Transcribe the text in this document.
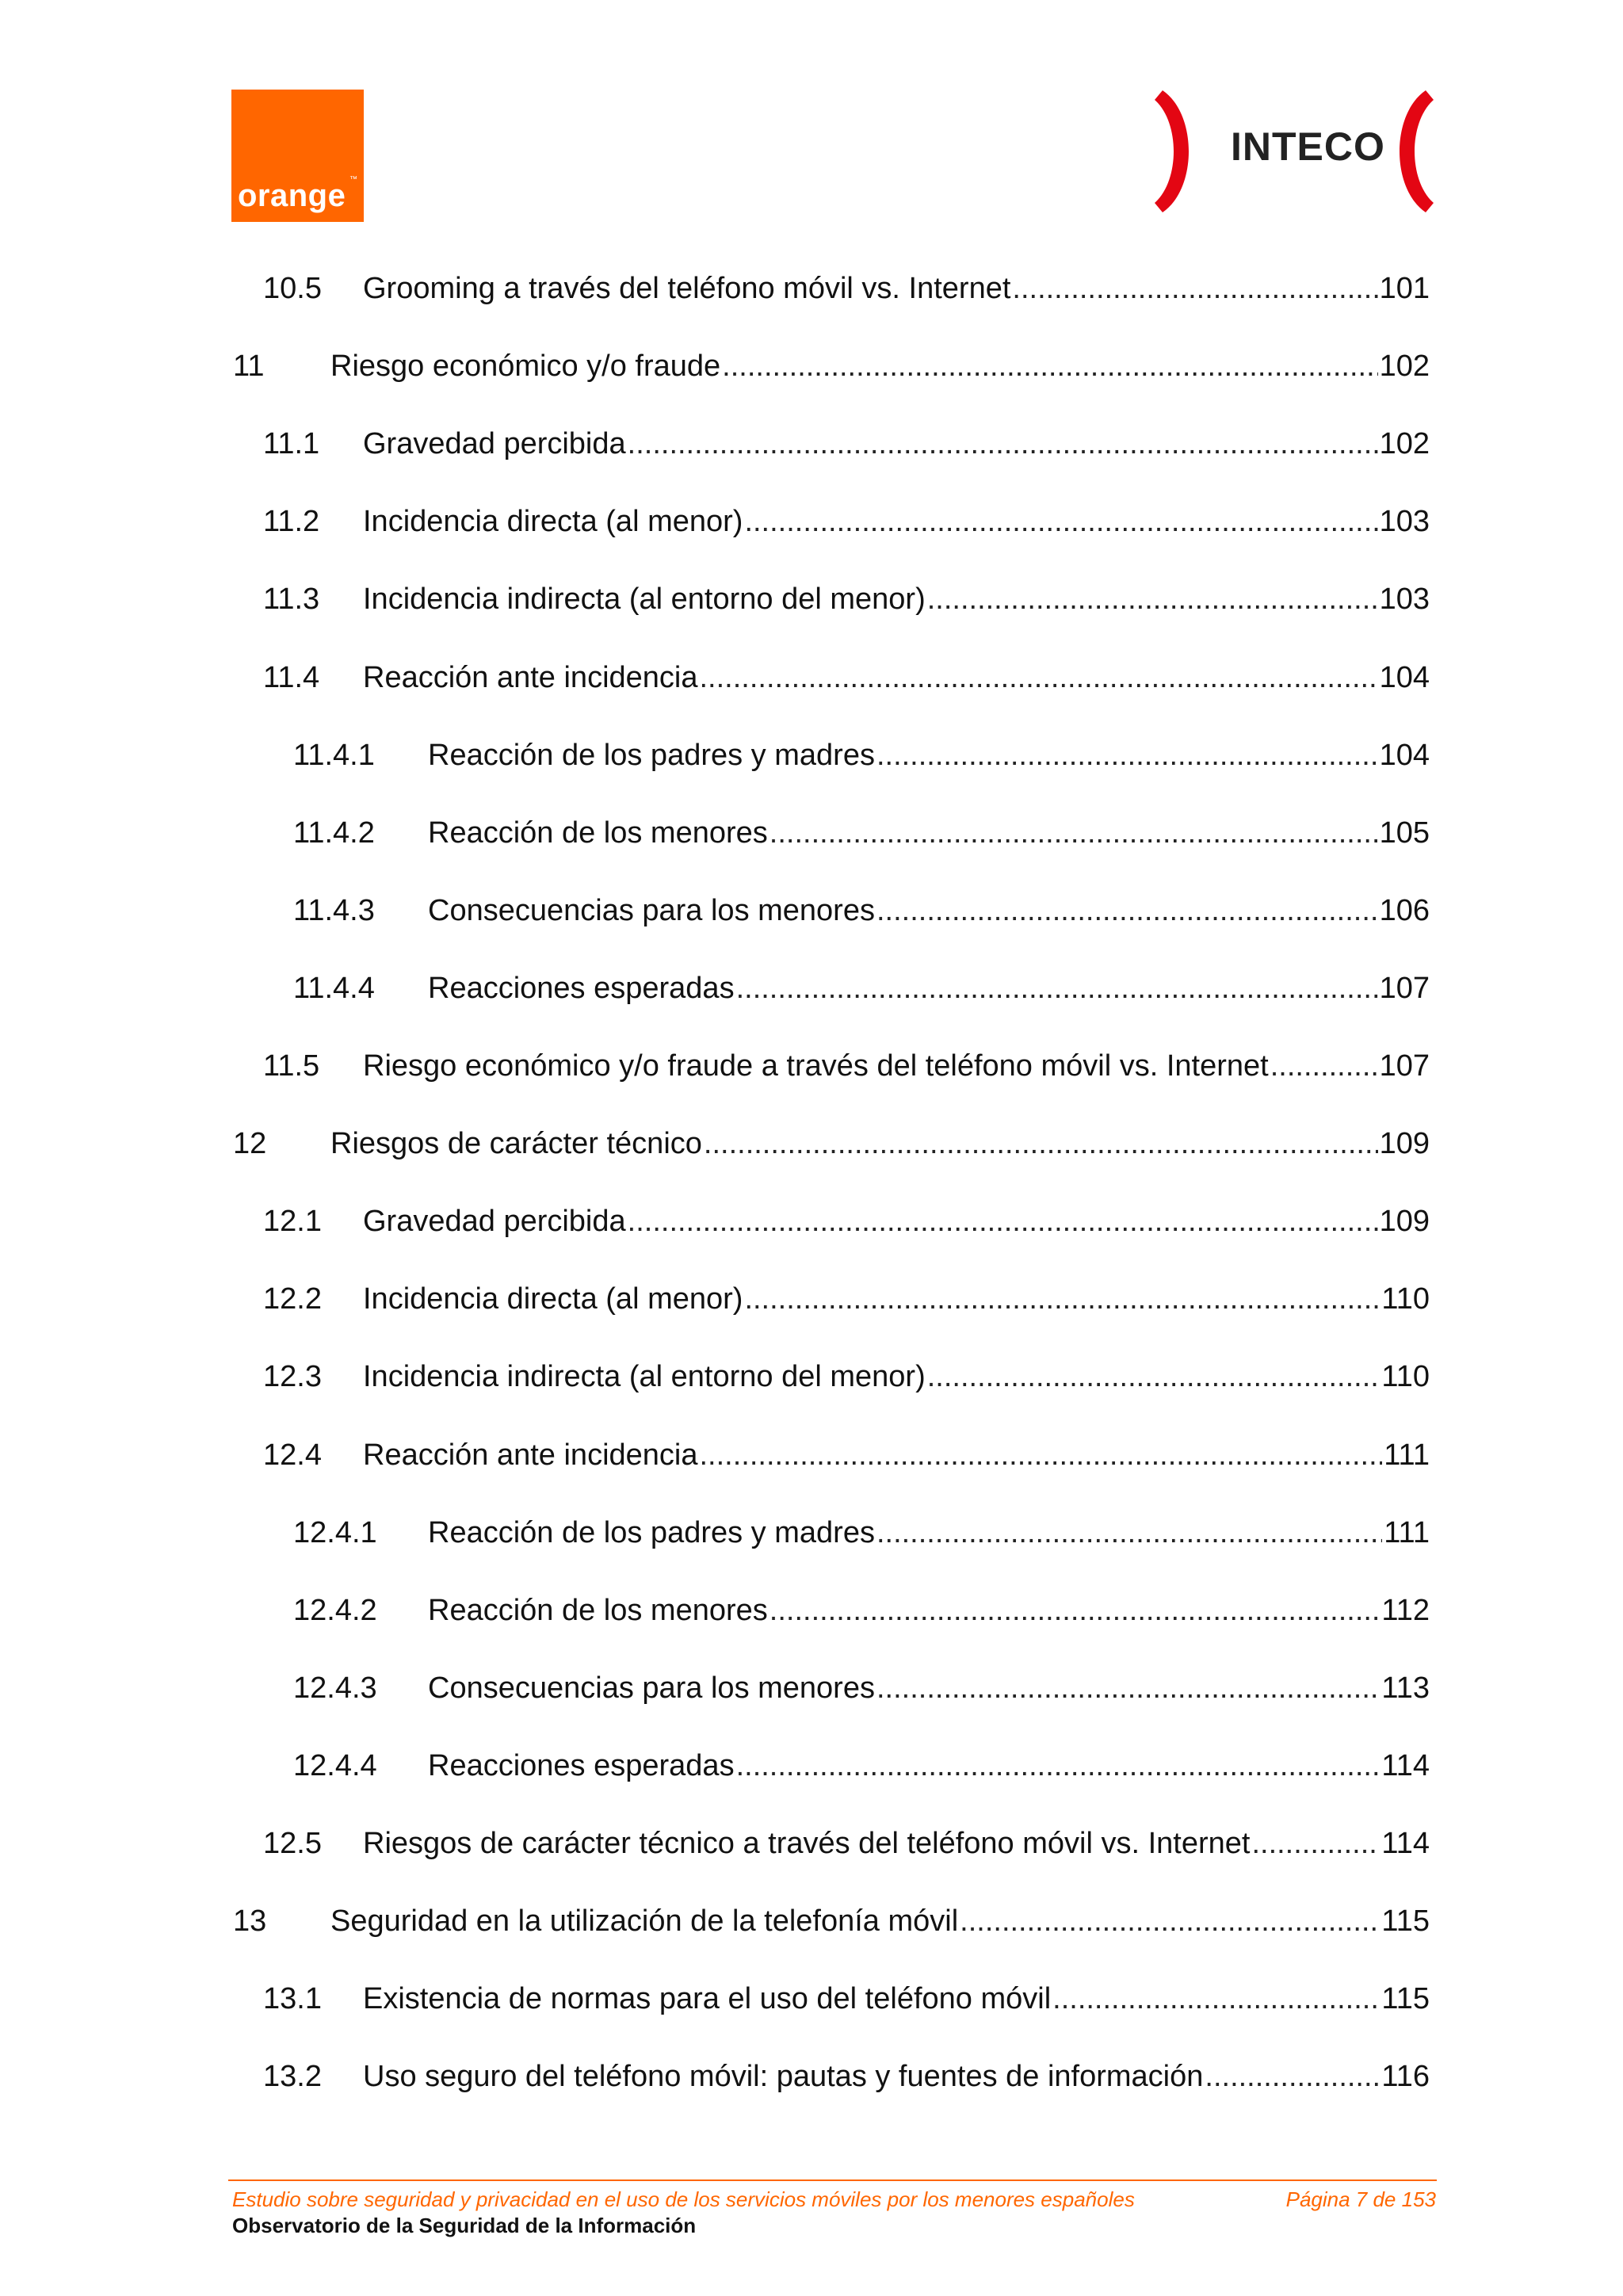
orange ™
INTECO
10.5	Grooming a través del teléfono móvil vs. Internet .....	101
11	Riesgo económico y/o fraude .....	102
11.1	Gravedad percibida .....	102
11.2	Incidencia directa (al menor) .....	103
11.3	Incidencia indirecta (al entorno del menor) .....	103
11.4	Reacción ante incidencia .....	104
11.4.1	Reacción de los padres y madres .....	104
11.4.2	Reacción de los menores .....	105
11.4.3	Consecuencias para los menores .....	106
11.4.4	Reacciones esperadas .....	107
11.5	Riesgo económico y/o fraude a través del teléfono móvil vs. Internet .....	107
12	Riesgos de carácter técnico .....	109
12.1	Gravedad percibida .....	109
12.2	Incidencia directa (al menor) .....	110
12.3	Incidencia indirecta (al entorno del menor) .....	110
12.4	Reacción ante incidencia .....	111
12.4.1	Reacción de los padres y madres .....	111
12.4.2	Reacción de los menores .....	112
12.4.3	Consecuencias para los menores .....	113
12.4.4	Reacciones esperadas .....	114
12.5	Riesgos de carácter técnico a través del teléfono móvil vs. Internet .....	114
13	Seguridad en la utilización de la telefonía móvil .....	115
13.1	Existencia de normas para el uso del teléfono móvil .....	115
13.2	Uso seguro del teléfono móvil: pautas y fuentes de información .....	116
Estudio sobre seguridad y privacidad en el uso de los servicios móviles por los menores españoles	Página 7 de 153
Observatorio de la Seguridad de la Información
